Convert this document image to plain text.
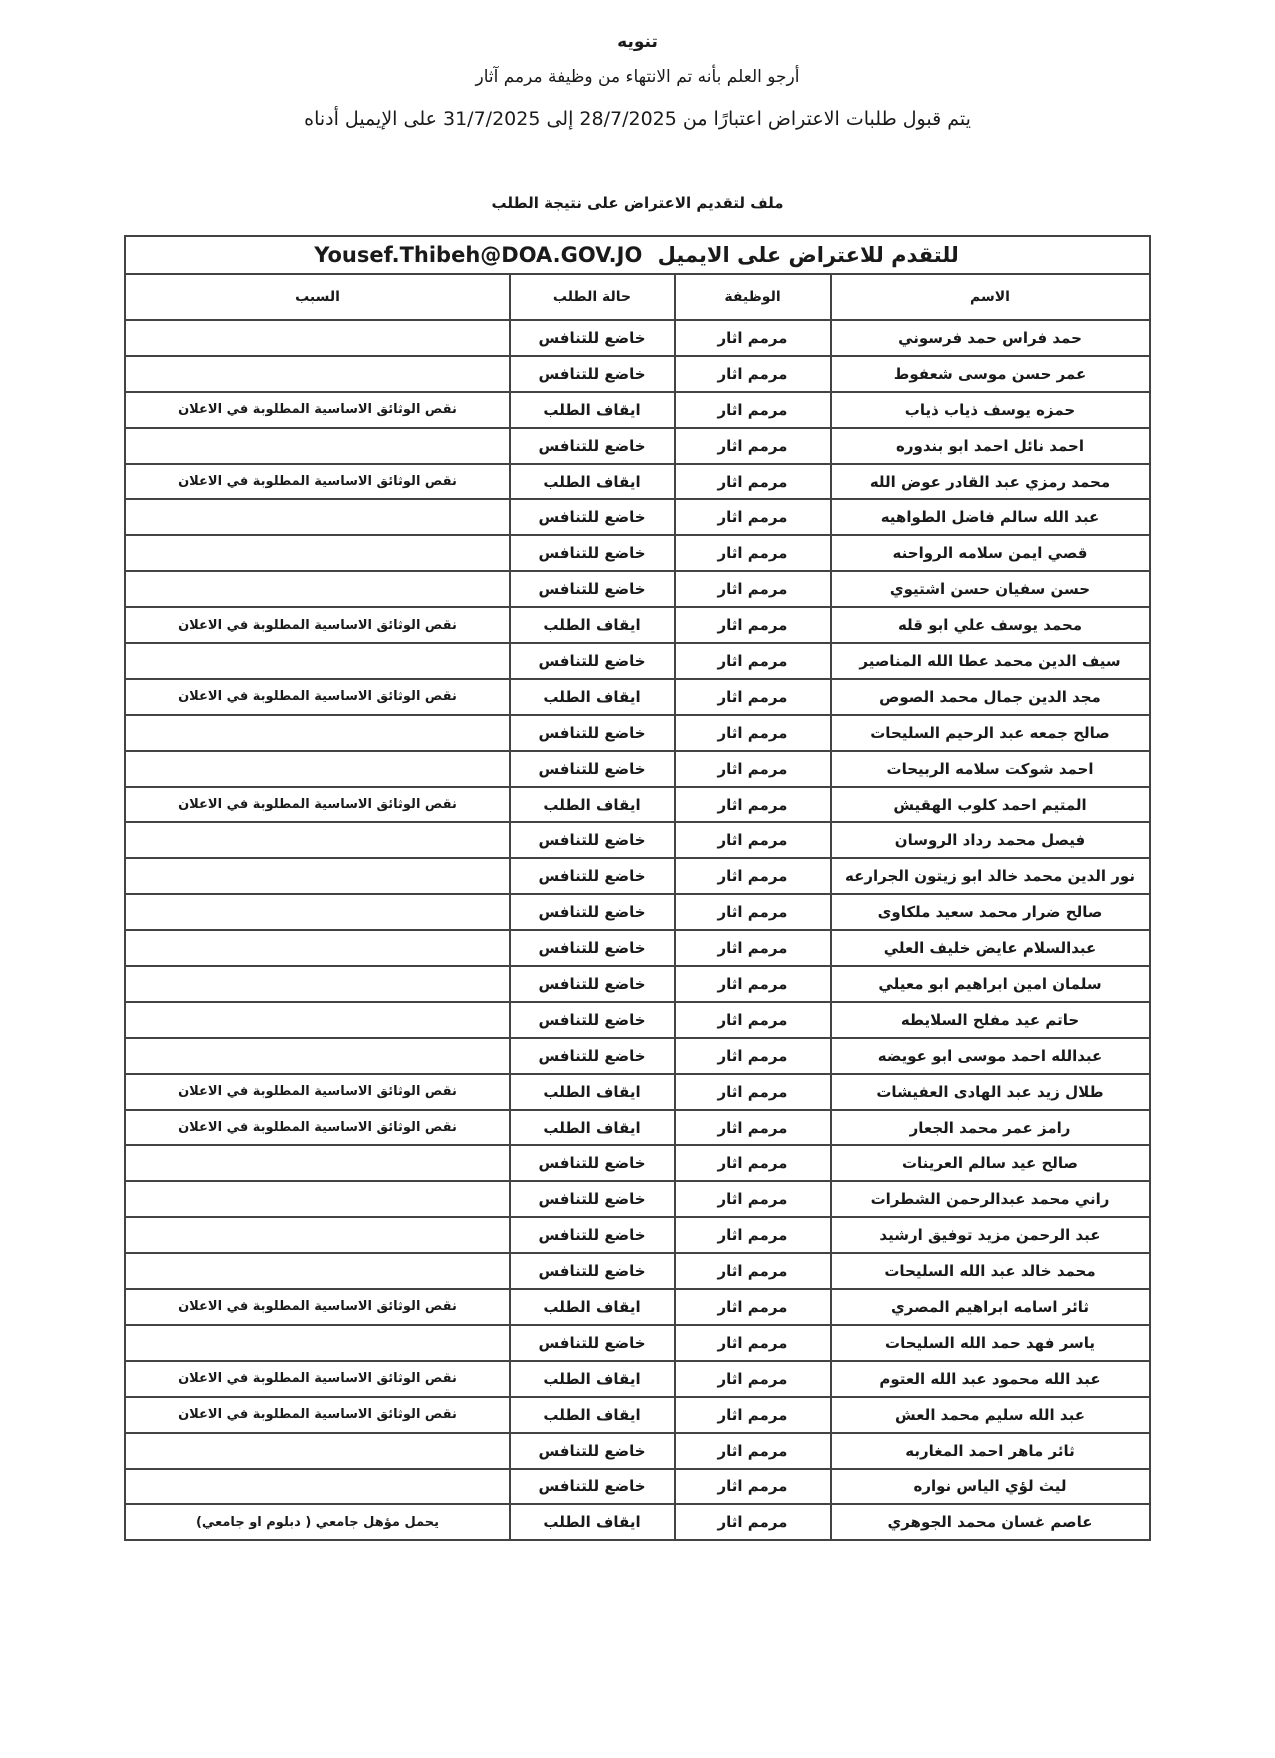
تنويه
أرجو العلم بأنه تم الانتهاء من وظيفة مرمم آثار
يتم قبول طلبات الاعتراض اعتبارًا من 28/7/2025 إلى 31/7/2025 على الإيميل أدناه
ملف لتقديم الاعتراض على نتيجة الطلب
للتقدم للاعتراض على الايميل Yousef.Thibeh@DOA.GOV.JO			
الاسم	الوظيفة	حالة الطلب	السبب
حمد فراس حمد فرسوني	مرمم اثار	خاضع للتنافس	
عمر حسن موسى شعفوط	مرمم اثار	خاضع للتنافس	
حمزه يوسف ذياب ذياب	مرمم اثار	ايقاف الطلب	نقص الوثائق الاساسية المطلوبة في الاعلان
احمد نائل احمد ابو بندوره	مرمم اثار	خاضع للتنافس	
محمد رمزي عبد القادر عوض الله	مرمم اثار	ايقاف الطلب	نقص الوثائق الاساسية المطلوبة في الاعلان
عبد الله سالم فاضل الطواهيه	مرمم اثار	خاضع للتنافس	
قصي ايمن سلامه الرواحنه	مرمم اثار	خاضع للتنافس	
حسن سفيان حسن اشتيوي	مرمم اثار	خاضع للتنافس	
محمد يوسف علي ابو قله	مرمم اثار	ايقاف الطلب	نقص الوثائق الاساسية المطلوبة في الاعلان
سيف الدين محمد عطا الله المناصير	مرمم اثار	خاضع للتنافس	
مجد الدين جمال محمد الصوص	مرمم اثار	ايقاف الطلب	نقص الوثائق الاساسية المطلوبة في الاعلان
صالح جمعه عبد الرحيم السليحات	مرمم اثار	خاضع للتنافس	
احمد شوكت سلامه الربيحات	مرمم اثار	خاضع للتنافس	
المتيم احمد كلوب الهقيش	مرمم اثار	ايقاف الطلب	نقص الوثائق الاساسية المطلوبة في الاعلان
فيصل محمد رداد الروسان	مرمم اثار	خاضع للتنافس	
نور الدين محمد خالد ابو زيتون الجرارعه	مرمم اثار	خاضع للتنافس	
صالح ضرار محمد سعيد ملكاوى	مرمم اثار	خاضع للتنافس	
عبدالسلام عايض خليف العلي	مرمم اثار	خاضع للتنافس	
سلمان امين ابراهيم ابو معيلي	مرمم اثار	خاضع للتنافس	
حاتم عيد مفلح السلايطه	مرمم اثار	خاضع للتنافس	
عبدالله احمد موسى ابو عويضه	مرمم اثار	خاضع للتنافس	
طلال زيد عبد الهادى العفيشات	مرمم اثار	ايقاف الطلب	نقص الوثائق الاساسية المطلوبة في الاعلان
رامز عمر محمد الجعار	مرمم اثار	ايقاف الطلب	نقص الوثائق الاساسية المطلوبة في الاعلان
صالح عيد سالم العرينات	مرمم اثار	خاضع للتنافس	
راني محمد عبدالرحمن الشطرات	مرمم اثار	خاضع للتنافس	
عبد الرحمن مزيد توفيق ارشيد	مرمم اثار	خاضع للتنافس	
محمد خالد عبد الله السليحات	مرمم اثار	خاضع للتنافس	
ثائر اسامه ابراهيم المصري	مرمم اثار	ايقاف الطلب	نقص الوثائق الاساسية المطلوبة في الاعلان
ياسر فهد حمد الله السليحات	مرمم اثار	خاضع للتنافس	
عبد الله محمود عبد الله العتوم	مرمم اثار	ايقاف الطلب	نقص الوثائق الاساسية المطلوبة في الاعلان
عبد الله سليم محمد العش	مرمم اثار	ايقاف الطلب	نقص الوثائق الاساسية المطلوبة في الاعلان
ثائر ماهر احمد المغاربه	مرمم اثار	خاضع للتنافس	
ليث لؤي الياس نواره	مرمم اثار	خاضع للتنافس	
عاصم غسان محمد الجوهري	مرمم اثار	ايقاف الطلب	يحمل مؤهل جامعي ( دبلوم او جامعي)
